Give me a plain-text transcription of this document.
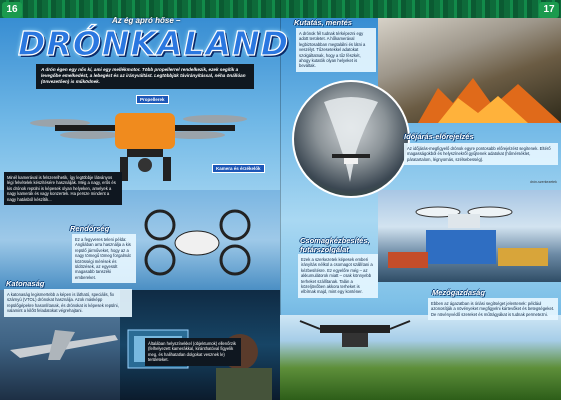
16	17
Propellerek
Kamera és érzékelők
Az ég apró hőse –
DRÓNKALAND
A drón égen egy nős kí, ami egy mellékmotor. Több propellerrel rendelkezik, ezek segítik a levegőbe emelkedést, a lebegést és az irányváltást. Legtöbbjük távirányítással, néha önállóan (önvezetően) is működnek.
Minél kamerával is felszerelhetik, így legtöbbje látványos légi felvételek készítésére használják. Még a nagy, erős és kis drónok repülni is képesek olyan helyeken, amelyek a nagy kamerák és vagy konzertek. Ha persze mindent a nagy hatásból készítik...
Rendőrség
Ez a fegyveres teleni példa: Angliában arra használja a kis repülő járműveket, hogy az a nagy tömegű tömeg forgalmát közösségi mérések és üldözések, az egyesült magasabb tanszéki embereket.
Katonaság
A katonaság legismertebb a képen is látható, speciális, fix szárnyú (VTOL) drónokat használja. Azok másképp repülőgépekre hasonlítanak, és drónokat is képesek repülni, valamint a kilőtt feladatokat végrehajtani.
Általában helyszínekkel (objektumok) ellenőrzik (felhelyezett kamerákkal, kiránthatóval figyelik meg, és halihatatlan dolgokat vesznek le) területeket.
Kutatás, mentés
A drónok fél tudnak térképezni egy adott területet. A hőkamerával legbiztosabban megtalálni és látni a veszélyt. Tűzesetekkel adatokat szolgáltatnak, hogy a tűz fészkét, ahogy kutatók olyan helyeket is beváltak.
Időjárás-előrejelzés
Az időjárás-megfigyelő drónok egyre pontosabb előrejelzést segítenek. Eltérő magasságokból és helyszínekről gyűjtenek adatokat (hőmérséklet, páratartalom, légnyomás, szélsebesség).
drón-szerkezetek
Csomagkézbesítés, futárszolgálat
Ezek a szerkezetek képesek emberi irányítás nélkül a csomagot szállítani a kézbesítésre. Ez egyelőre még – az akkumulátorok miatt – csak könnyebb terheket szállítanak. Talán a közeljövőben akkora terheket is elbírnak majd, mint egy konténer.	Mezőgazdaság
Ebben az ágazatban is óriási segítséget jelentenek: például azonosítják a növényeket megfigyelni kártevőket és betegségeket. De növényvédő szereket és műtrágyákat is tudnak permetezni.
